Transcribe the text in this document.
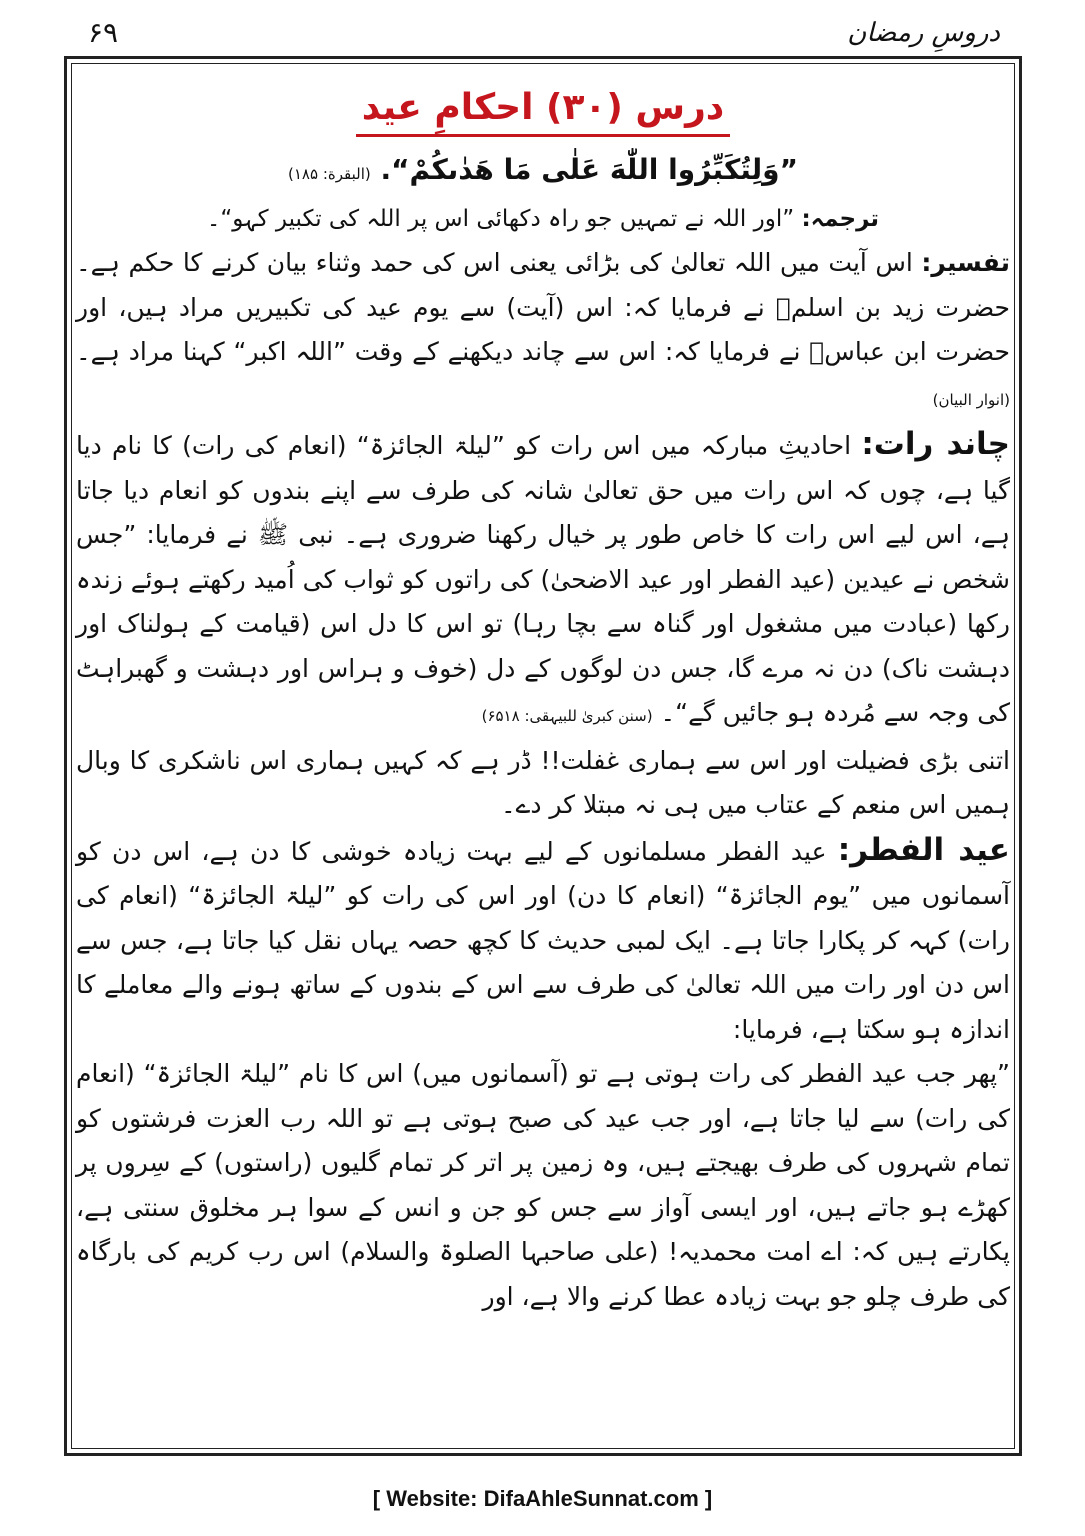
۶۹	دروسِ رمضان
درس (۳۰) احکامِ عید

”وَلِتُكَبِّرُوا اللّٰهَ عَلٰى مَا هَدٰىكُمْ“. (البقرة: ۱۸۵)

ترجمہ: ”اور اللہ نے تمہیں جو راہ دکھائی اس پر اللہ کی تکبیر کہو“۔

تفسیر: اس آیت میں اللہ تعالیٰ کی بڑائی یعنی اس کی حمد وثناء بیان کرنے کا حکم ہے۔ حضرت زید بن اسلمؒ نے فرمایا کہ: اس (آیت) سے یوم عید کی تکبیریں مراد ہیں، اور حضرت ابن عباسؓ نے فرمایا کہ: اس سے چاند دیکھنے کے وقت ”اللہ اکبر“ کہنا مراد ہے۔ (انوار البیان)

چاند رات: احادیثِ مبارکہ میں اس رات کو ”لیلۃ الجائزۃ“ (انعام کی رات) کا نام دیا گیا ہے، چوں کہ اس رات میں حق تعالیٰ شانہ کی طرف سے اپنے بندوں کو انعام دیا جاتا ہے، اس لیے اس رات کا خاص طور پر خیال رکھنا ضروری ہے۔ نبی ﷺ نے فرمایا: ”جس شخص نے عیدین (عید الفطر اور عید الاضحیٰ) کی راتوں کو ثواب کی اُمید رکھتے ہوئے زندہ رکھا (عبادت میں مشغول اور گناہ سے بچا رہا) تو اس کا دل اس (قیامت کے ہولناک اور دہشت ناک) دن نہ مرے گا، جس دن لوگوں کے دل (خوف و ہراس اور دہشت و گھبراہٹ کی وجہ سے مُردہ ہو جائیں گے“۔ (سنن کبریٰ للبیہقی: ۶۵۱۸)

اتنی بڑی فضیلت اور اس سے ہماری غفلت!! ڈر ہے کہ کہیں ہماری اس ناشکری کا وبال ہمیں اس منعم کے عتاب میں ہی نہ مبتلا کر دے۔

عید الفطر: عید الفطر مسلمانوں کے لیے بہت زیادہ خوشی کا دن ہے، اس دن کو آسمانوں میں ”یوم الجائزۃ“ (انعام کا دن) اور اس کی رات کو ”لیلۃ الجائزۃ“ (انعام کی رات) کہہ کر پکارا جاتا ہے۔ ایک لمبی حدیث کا کچھ حصہ یہاں نقل کیا جاتا ہے، جس سے اس دن اور رات میں اللہ تعالیٰ کی طرف سے اس کے بندوں کے ساتھ ہونے والے معاملے کا اندازہ ہو سکتا ہے، فرمایا:

”پھر جب عید الفطر کی رات ہوتی ہے تو (آسمانوں میں) اس کا نام ”لیلۃ الجائزۃ“ (انعام کی رات) سے لیا جاتا ہے، اور جب عید کی صبح ہوتی ہے تو اللہ رب العزت فرشتوں کو تمام شہروں کی طرف بھیجتے ہیں، وہ زمین پر اتر کر تمام گلیوں (راستوں) کے سِروں پر کھڑے ہو جاتے ہیں، اور ایسی آواز سے جس کو جن و انس کے سوا ہر مخلوق سنتی ہے، پکارتے ہیں کہ: اے امت محمدیہ! (علی صاحبہا الصلوۃ والسلام) اس رب کریم کی بارگاہ کی طرف چلو جو بہت زیادہ عطا کرنے والا ہے، اور

[ Website: DifaAhleSunnat.com ]
